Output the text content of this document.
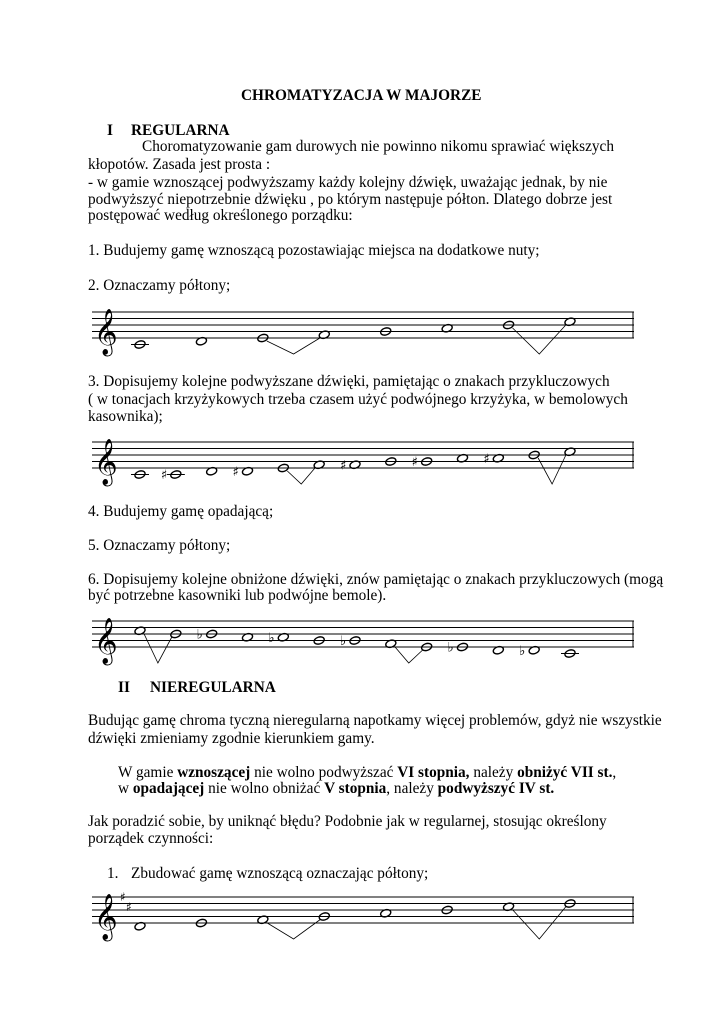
CHROMATYZACJA W MAJORZE
I REGULARNA
Choromatyzowanie gam durowych nie powinno nikomu sprawiać większych
kłopotów. Zasada jest prosta :
- w gamie wznoszącej podwyższamy każdy kolejny dźwięk, uważając jednak, by nie
podwyższyć niepotrzebnie dźwięku , po którym następuje półton. Dlatego dobrze jest
postępować według określonego porządku:
1. Budujemy gamę wznoszącą pozostawiając miejsca na dodatkowe nuty;
2. Oznaczamy półtony;
𝄞
3. Dopisujemy kolejne podwyższane dźwięki, pamiętając o znakach przykluczowych
( w tonacjach krzyżykowych trzeba czasem użyć podwójnego krzyżyka, w bemolowych
kasownika);
𝄞	♯	♯	♯	♯	♯
4. Budujemy gamę opadającą;
5. Oznaczamy półtony;
6. Dopisujemy kolejne obniżone dźwięki, znów pamiętając o znakach przykluczowych (mogą
być potrzebne kasowniki lub podwójne bemole).
𝄞	♭	♭	♭	♭	♭
II NIEREGULARNA
Budując gamę chroma tyczną nieregularną napotkamy więcej problemów, gdyż nie wszystkie
dźwięki zmieniamy zgodnie kierunkiem gamy.
W gamie wznoszącej nie wolno podwyższać VI stopnia, należy obniżyć VII st.,
w opadającej nie wolno obniżać V stopnia, należy podwyższyć IV st.
Jak poradzić sobie, by uniknąć błędu? Podobnie jak w regularnej, stosując określony
porządek czynności:
1. Zbudować gamę wznoszącą oznaczając półtony;
𝄞 ♯
♯
